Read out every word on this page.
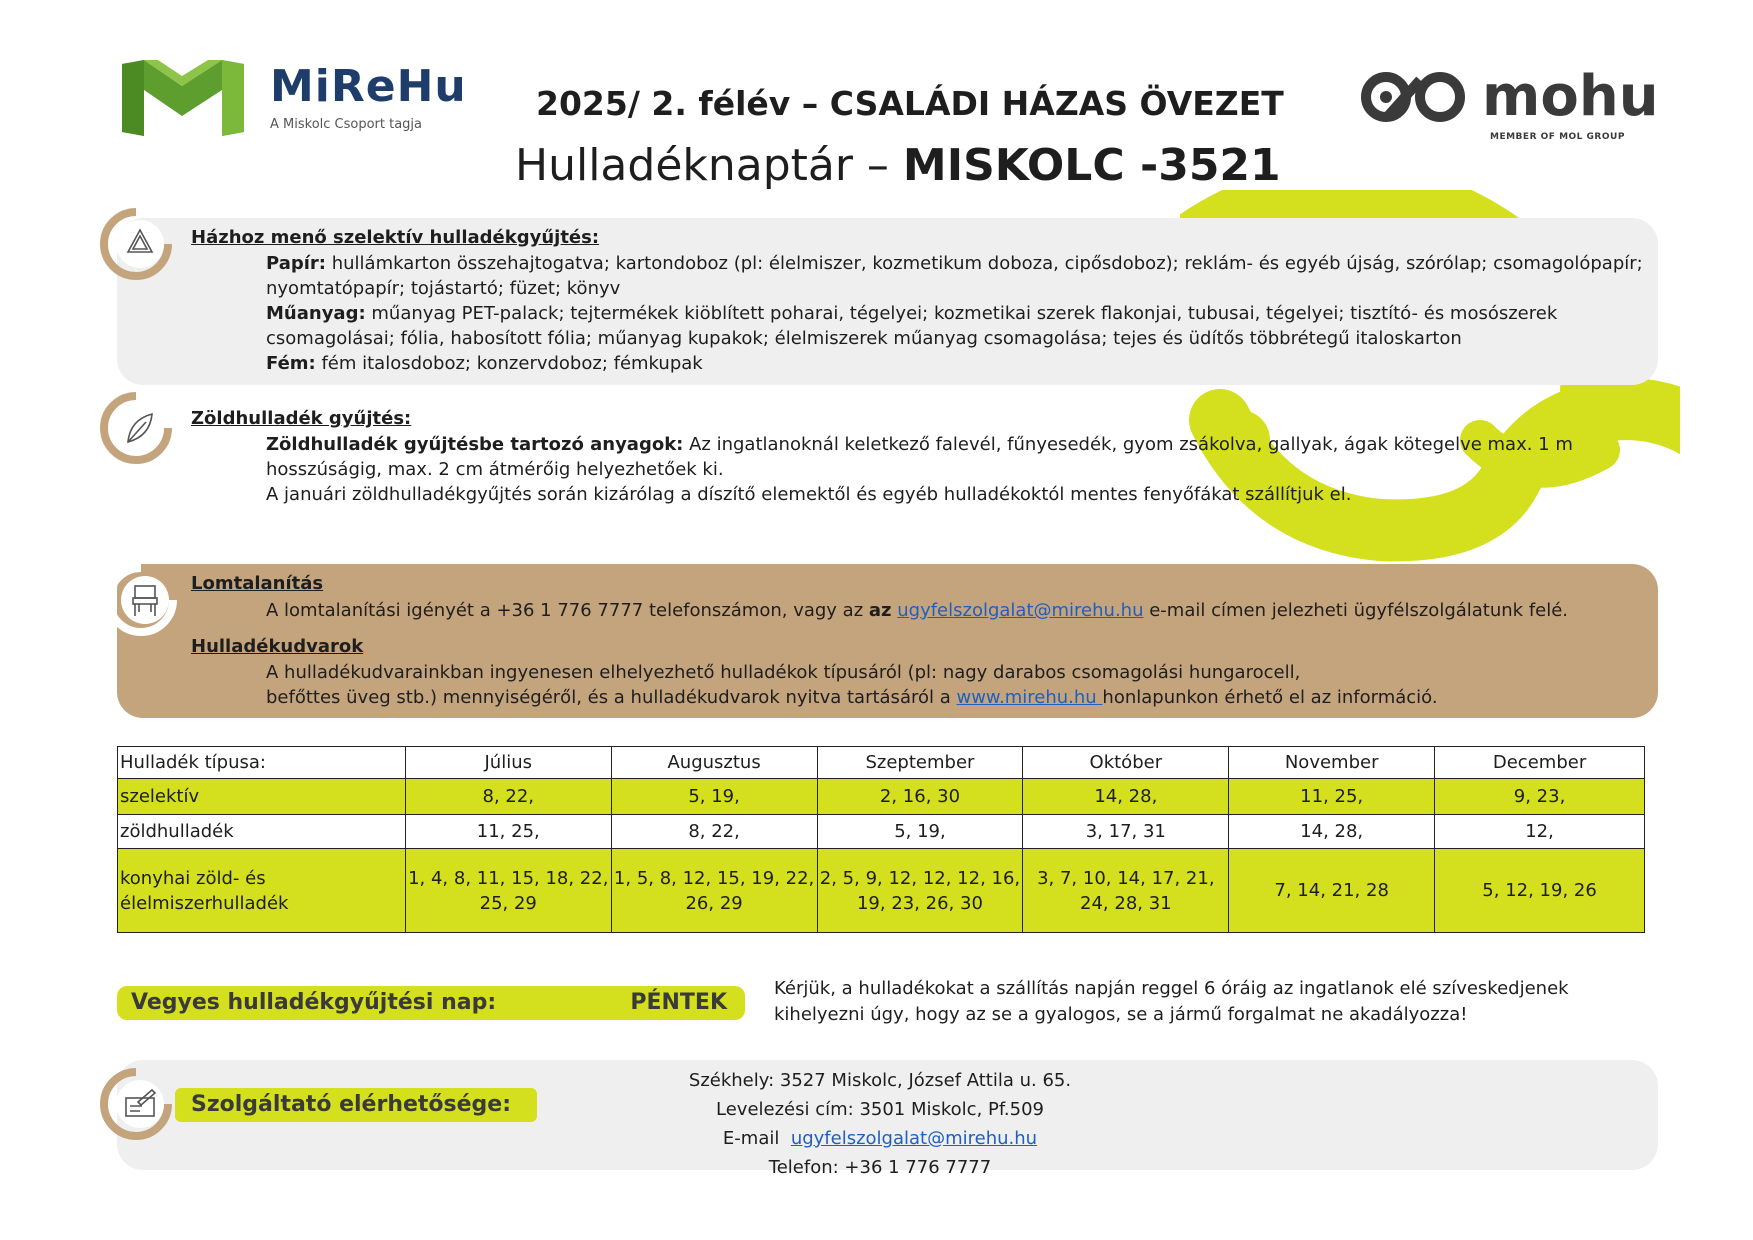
MiReHu
A Miskolc Csoport tagja
2025/ 2. félév – CSALÁDI HÁZAS ÖVEZET
Hulladéknaptár – MISKOLC -3521
mohu
MEMBER OF MOL GROUP
Házhoz menő szelektív hulladékgyűjtés:
Papír: hullámkarton összehajtogatva; kartondoboz (pl: élelmiszer, kozmetikum doboza, cipősdoboz); reklám- és egyéb újság, szórólap; csomagolópapír; nyomtatópapír; tojástartó; füzet; könyv
Műanyag: műanyag PET-palack; tejtermékek kiöblített poharai, tégelyei; kozmetikai szerek flakonjai, tubusai, tégelyei; tisztító- és mosószerek csomagolásai; fólia, habosított fólia; műanyag kupakok; élelmiszerek műanyag csomagolása; tejes és üdítős többrétegű italoskarton
Fém: fém italosdoboz; konzervdoboz; fémkupak
Zöldhulladék gyűjtés:
Zöldhulladék gyűjtésbe tartozó anyagok: Az ingatlanoknál keletkező falevél, fűnyesedék, gyom zsákolva, gallyak, ágak kötegelve max. 1 m hosszúságig, max. 2 cm átmérőig helyezhetőek ki.
A januári zöldhulladékgyűjtés során kizárólag a díszítő elemektől és egyéb hulladékoktól mentes fenyőfákat szállítjuk el.
Lomtalanítás
A lomtalanítási igényét a +36 1 776 7777 telefonszámon, vagy az az ugyfelszolgalat@mirehu.hu e-mail címen jelezheti ügyfélszolgálatunk felé.
Hulladékudvarok
A hulladékudvarainkban ingyenesen elhelyezhető hulladékok típusáról (pl: nagy darabos csomagolási hungarocell,
befőttes üveg stb.) mennyiségéről, és a hulladékudvarok nyitva tartásáról a www.mirehu.hu honlapunkon érhető el az információ.
Hulladék típusa:	Július	Augusztus	Szeptember	Október	November	December
szelektív	8, 22,	5, 19,	2, 16, 30	14, 28,	11, 25,	9, 23,
zöldhulladék	11, 25,	8, 22,	5, 19,	3, 17, 31	14, 28,	12,
konyhai zöld- és élelmiszerhulladék	1, 4, 8, 11, 15, 18, 22, 25, 29	1, 5, 8, 12, 15, 19, 22, 26, 29	2, 5, 9, 12, 12, 12, 16, 19, 23, 26, 30	3, 7, 10, 14, 17, 21, 24, 28, 31	7, 14, 21, 28	5, 12, 19, 26
Vegyes hulladékgyűjtési nap:	PÉNTEK
Kérjük, a hulladékokat a szállítás napján reggel 6 óráig az ingatlanok elé szíveskedjenek kihelyezni úgy, hogy az se a gyalogos, se a jármű forgalmat ne akadályozza!
Szolgáltató elérhetősége:
Székhely: 3527 Miskolc, József Attila u. 65.
Levelezési cím: 3501 Miskolc, Pf.509
E-mail  ugyfelszolgalat@mirehu.hu
Telefon: +36 1 776 7777
